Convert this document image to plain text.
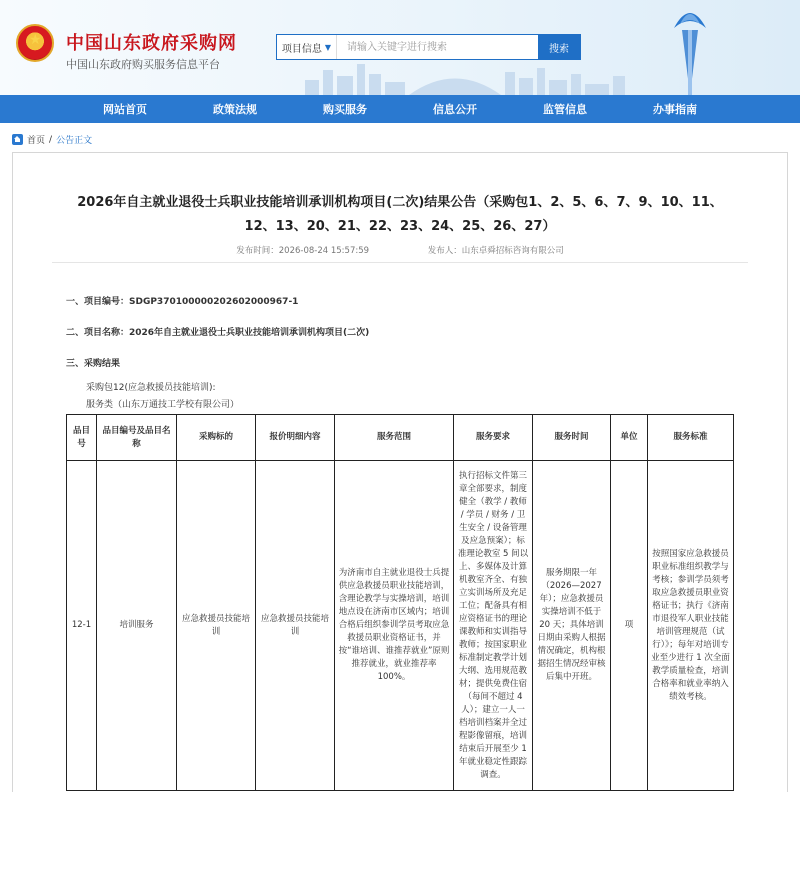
★ 中国山东政府采购网
中国山东政府购买服务信息平台
项目信息 ▼
请输入关键字进行搜索	搜索
网站首页	政策法规	购买服务	信息公开	监管信息	办事指南
首页 / 公告正文
2026年自主就业退役士兵职业技能培训承训机构项目(二次)结果公告（采购包1、2、5、6、7、9、10、11、12、13、20、21、22、23、24、25、26、27）
发布时间：2026-08-24 15:57:59	发布人：山东卓舜招标咨询有限公司
一、项目编号：SDGP370100000202602000967-1
二、项目名称：2026年自主就业退役士兵职业技能培训承训机构项目(二次)
三、采购结果
采购包12(应急救援员技能培训):
服务类（山东万通技工学校有限公司）
品目号	品目编号及品目名称	采购标的	报价明细内容	服务范围	服务要求	服务时间	单位	服务标准
12-1	培训服务	应急救援员技能培训	应急救援员技能培训	为济南市自主就业退役士兵提供应急救援员职业技能培训，含理论教学与实操培训，培训地点设在济南市区域内；培训合格后组织参训学员考取应急救援员职业资格证书，并按“谁培训、谁推荐就业”原则推荐就业，就业推荐率 100%。	执行招标文件第三章全部要求，制度健全（教学 / 教师 / 学员 / 财务 / 卫生安全 / 设备管理及应急预案）；标准理论教室 5 间以上、多媒体及计算机教室齐全、有独立实训场所及充足工位；配备具有相应资格证书的理论课教师和实训指导教师；按国家职业标准制定教学计划大纲、选用规范教材；提供免费住宿（每间不超过 4 人）；建立一人一档培训档案并全过程影像留痕，培训结束后开展至少 1 年就业稳定性跟踪调查。	服务期限一年（2026—2027 年）；应急救援员实操培训不低于 20 天；具体培训日期由采购人根据情况确定，机构根据招生情况经审核后集中开班。	项	按照国家应急救援员职业标准组织教学与考核；参训学员须考取应急救援员职业资格证书；执行《济南市退役军人职业技能培训管理规范（试行）》；每年对培训专业至少进行 1 次全面教学质量检查，培训合格率和就业率纳入绩效考核。
